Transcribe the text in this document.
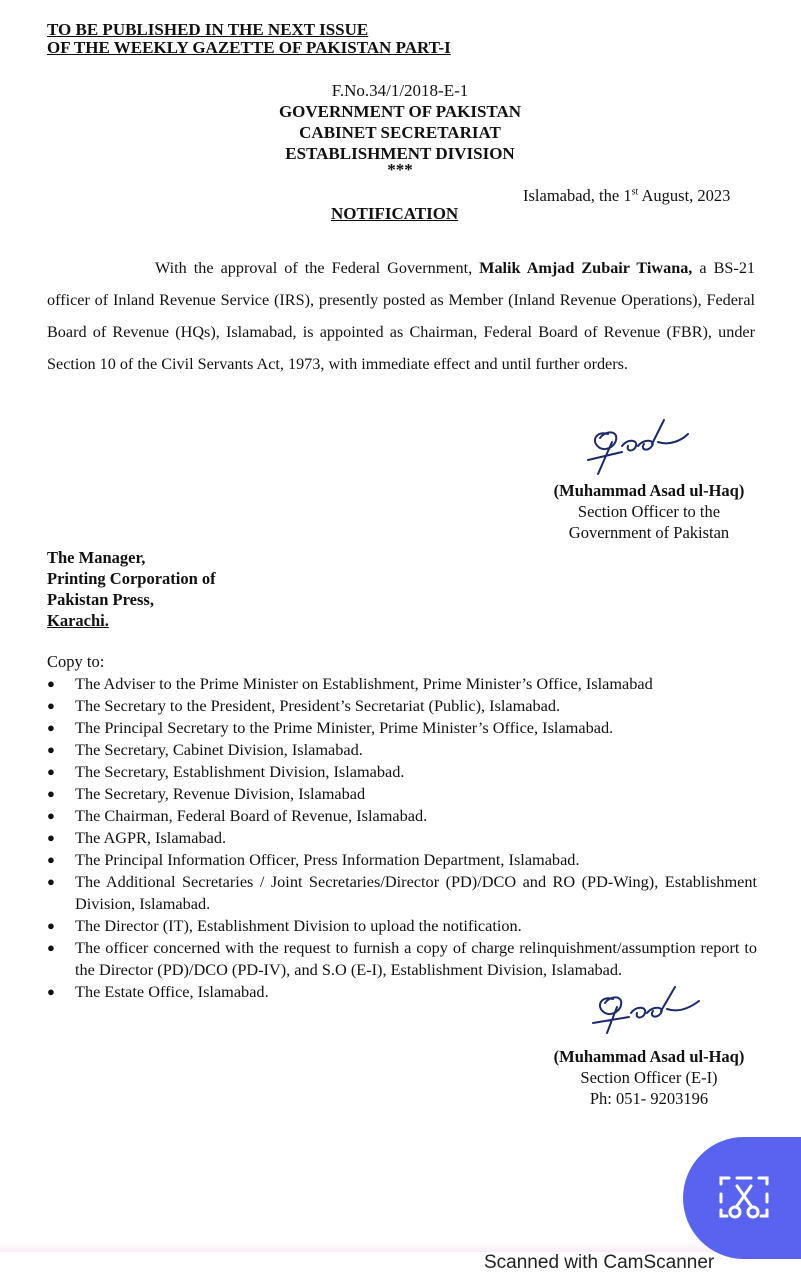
TO BE PUBLISHED IN THE NEXT ISSUE
OF THE WEEKLY GAZETTE OF PAKISTAN PART-I
F.No.34/1/2018-E-1
GOVERNMENT OF PAKISTAN
CABINET SECRETARIAT
ESTABLISHMENT DIVISION
***
Islamabad, the 1st August, 2023
NOTIFICATION
With the approval of the Federal Government, Malik Amjad Zubair Tiwana, a BS-21 officer of Inland Revenue Service (IRS), presently posted as Member (Inland Revenue Operations), Federal Board of Revenue (HQs), Islamabad, is appointed as Chairman, Federal Board of Revenue (FBR), under Section 10 of the Civil Servants Act, 1973, with immediate effect and until further orders.
(Muhammad Asad ul-Haq)
Section Officer to the
Government of Pakistan
The Manager,
Printing Corporation of
Pakistan Press,
Karachi.
Copy to:
● The Adviser to the Prime Minister on Establishment, Prime Minister’s Office, Islamabad
● The Secretary to the President, President’s Secretariat (Public), Islamabad.
● The Principal Secretary to the Prime Minister, Prime Minister’s Office, Islamabad.
● The Secretary, Cabinet Division, Islamabad.
● The Secretary, Establishment Division, Islamabad.
● The Secretary, Revenue Division, Islamabad
● The Chairman, Federal Board of Revenue, Islamabad.
● The AGPR, Islamabad.
● The Principal Information Officer, Press Information Department, Islamabad.
● The Additional Secretaries / Joint Secretaries/Director (PD)/DCO and RO (PD-Wing), Establishment Division, Islamabad.
● The Director (IT), Establishment Division to upload the notification.
● The officer concerned with the request to furnish a copy of charge relinquishment/assumption report to the Director (PD)/DCO (PD-IV), and S.O (E-I), Establishment Division, Islamabad.
● The Estate Office, Islamabad.
(Muhammad Asad ul-Haq)
Section Officer (E-I)
Ph: 051- 9203196
Scanned with CamScanner
